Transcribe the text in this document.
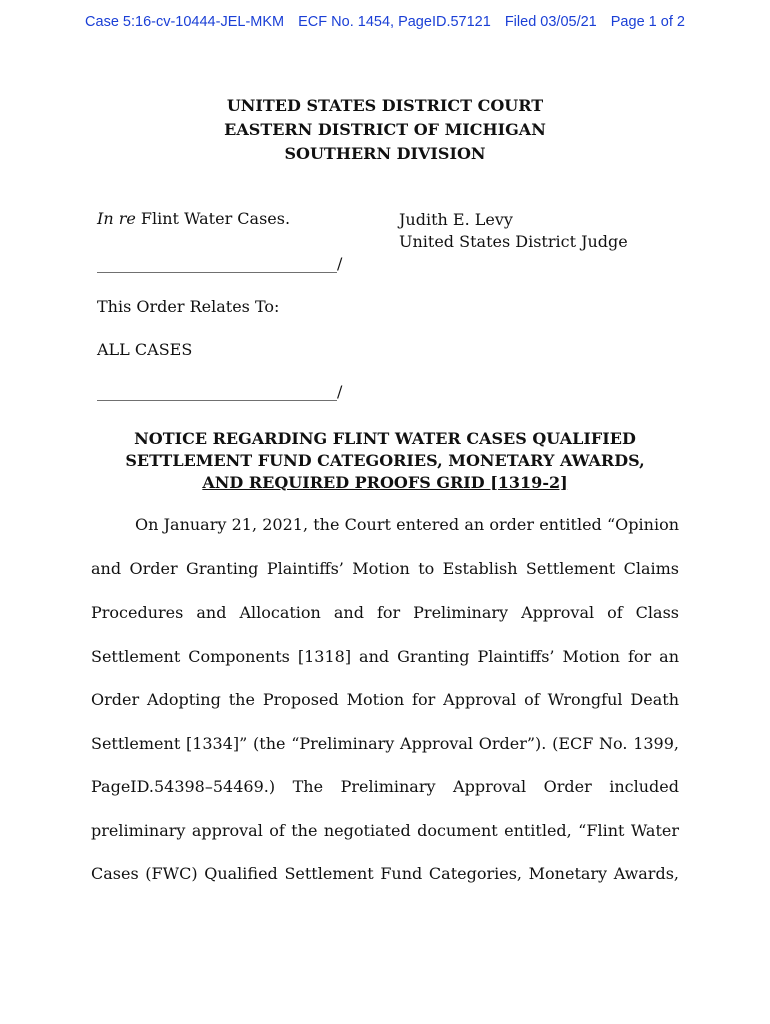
Case 5:16-cv-10444-JEL-MKM ECF No. 1454, PageID.57121 Filed 03/05/21 Page 1 of 2
UNITED STATES DISTRICT COURT
EASTERN DISTRICT OF MICHIGAN
SOUTHERN DIVISION
In re Flint Water Cases.	Judith E. Levy
United States District Judge
______________________________/
This Order Relates To:
ALL CASES
______________________________/
NOTICE REGARDING FLINT WATER CASES QUALIFIED
SETTLEMENT FUND CATEGORIES, MONETARY AWARDS,
AND REQUIRED PROOFS GRID [1319-2]
On January 21, 2021, the Court entered an order entitled “Opinion
and Order Granting Plaintiffs’ Motion to Establish Settlement Claims
Procedures and Allocation and for Preliminary Approval of Class
Settlement Components [1318] and Granting Plaintiffs’ Motion for an
Order Adopting the Proposed Motion for Approval of Wrongful Death
Settlement [1334]” (the “Preliminary Approval Order”). (ECF No. 1399,
PageID.54398–54469.) The Preliminary Approval Order included
preliminary approval of the negotiated document entitled, “Flint Water
Cases (FWC) Qualified Settlement Fund Categories, Monetary Awards,
